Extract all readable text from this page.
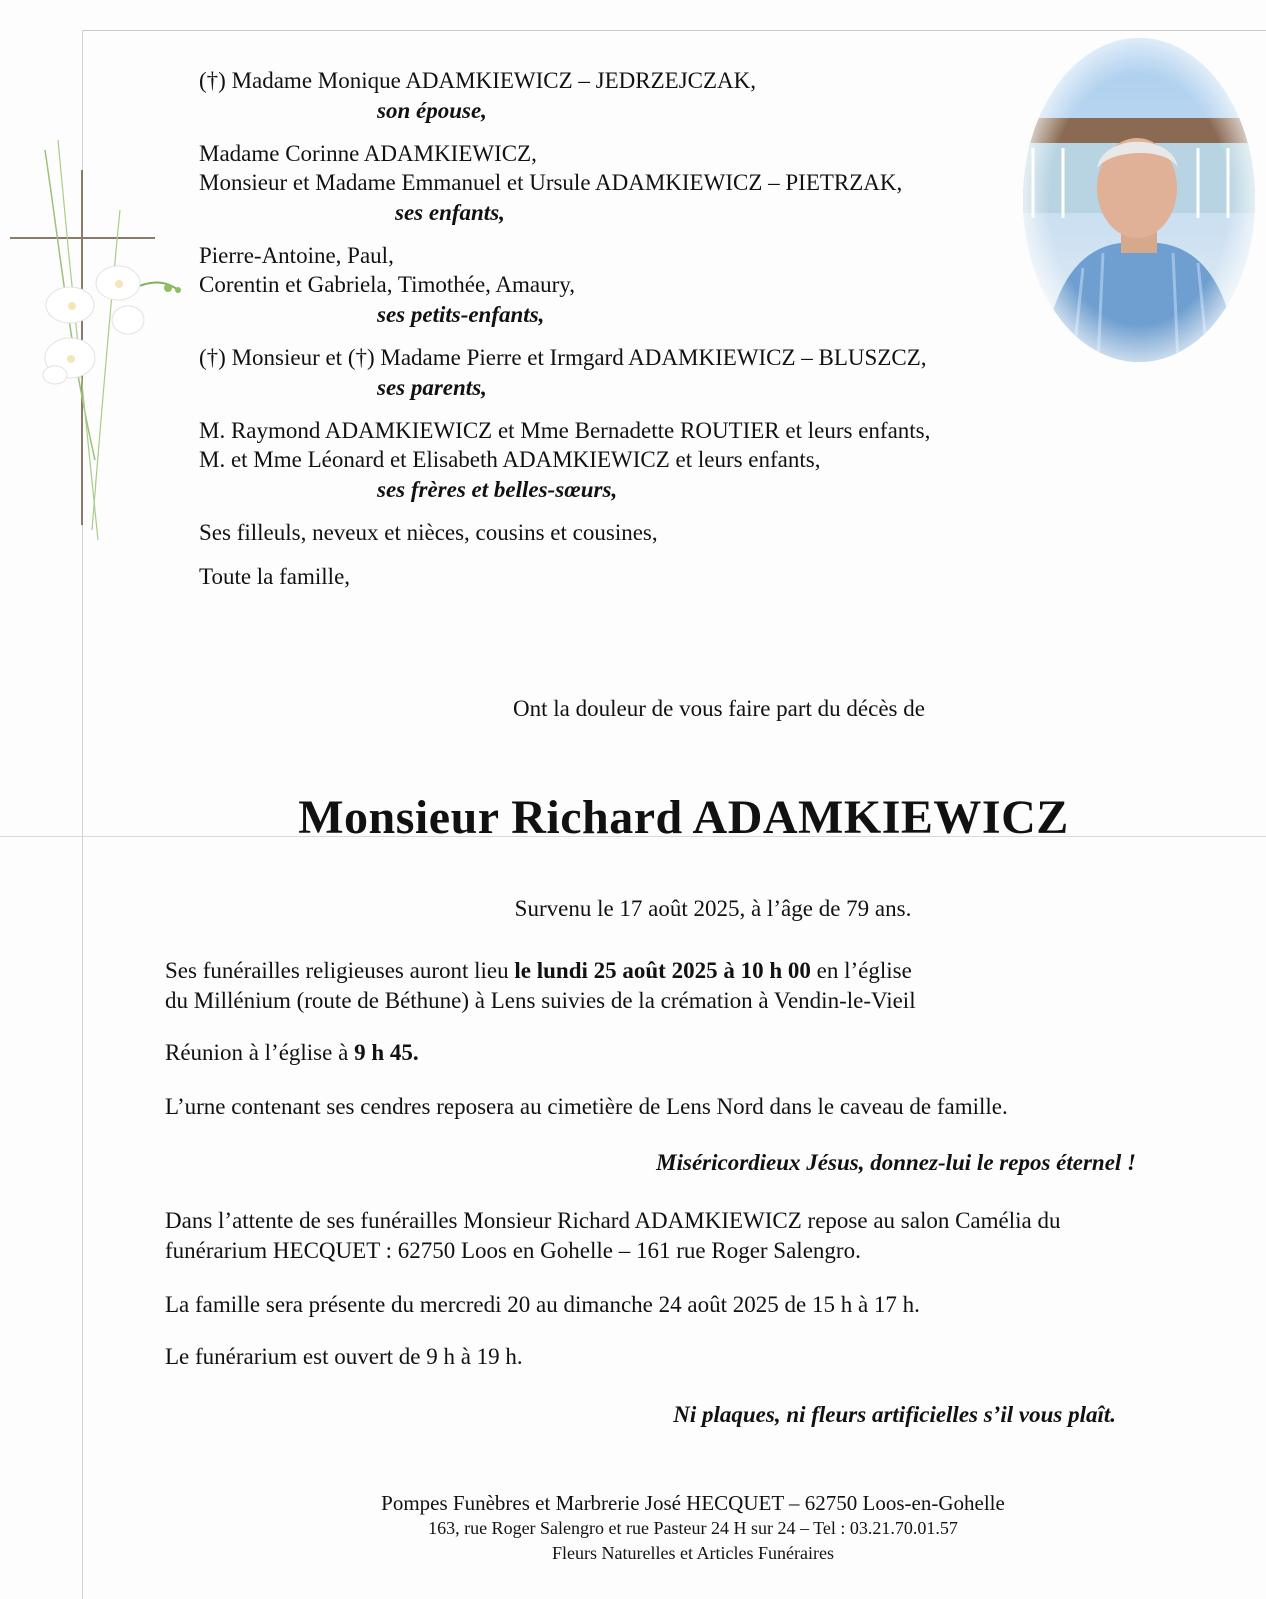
(†) Madame Monique ADAMKIEWICZ – JEDRZEJCZAK,
son épouse,
Madame Corinne ADAMKIEWICZ,
Monsieur et Madame Emmanuel et Ursule ADAMKIEWICZ – PIETRZAK,
ses enfants,
Pierre-Antoine, Paul,
Corentin et Gabriela, Timothée, Amaury,
ses petits-enfants,
(†) Monsieur et (†) Madame Pierre et Irmgard ADAMKIEWICZ – BLUSZCZ,
ses parents,
M. Raymond ADAMKIEWICZ et Mme Bernadette ROUTIER et leurs enfants,
M. et Mme Léonard et Elisabeth ADAMKIEWICZ et leurs enfants,
ses frères et belles-sœurs,
Ses filleuls, neveux et nièces, cousins et cousines,
Toute la famille,
Ont la douleur de vous faire part du décès de
Monsieur Richard ADAMKIEWICZ
Survenu le 17 août 2025, à l’âge de 79 ans.
Ses funérailles religieuses auront lieu le lundi 25 août 2025 à 10 h 00 en l’église
du Millénium (route de Béthune) à Lens suivies de la crémation à Vendin-le-Vieil
Réunion à l’église à 9 h 45.
L’urne contenant ses cendres reposera au cimetière de Lens Nord dans le caveau de famille.
Miséricordieux Jésus, donnez-lui le repos éternel !
Dans l’attente de ses funérailles Monsieur Richard ADAMKIEWICZ repose au salon Camélia du
funérarium HECQUET : 62750 Loos en Gohelle – 161 rue Roger Salengro.
La famille sera présente du mercredi 20 au dimanche 24 août 2025 de 15 h à 17 h.
Le funérarium est ouvert de 9 h à 19 h.
Ni plaques, ni fleurs artificielles s’il vous plaît.
Pompes Funèbres et Marbrerie José HECQUET – 62750 Loos-en-Gohelle
163, rue Roger Salengro et rue Pasteur 24 H sur 24 – Tel : 03.21.70.01.57
Fleurs Naturelles et Articles Funéraires
